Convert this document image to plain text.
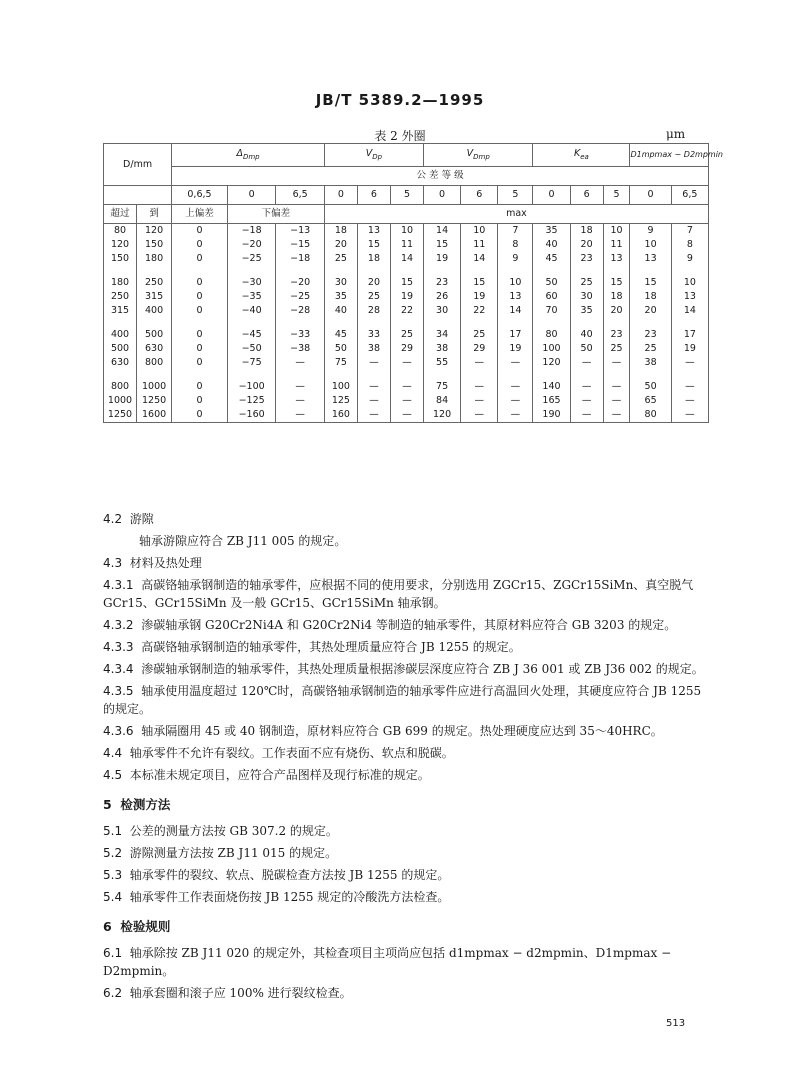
JB/T 5389.2—1995
表 2 外圈	μm
D/mm		$\Delta_{Dmp}$			$V_{Dp}$			$V_{Dmp}$			$K_{ea}$			D1mpmax − D2mpmin	
		公 差 等 级													
		0,6,5	0	6,5	0	6	5	0	6	5	0	6	5	0	6,5
超过	到	上偏差	下偏差		max										
80	120	0	−18	−13	18	13	10	14	10	7	35	18	10	9	7
120	150	0	−20	−15	20	15	11	15	11	8	40	20	11	10	8
150	180	0	−25	−18	25	18	14	19	14	9	45	23	13	13	9

180	250	0	−30	−20	30	20	15	23	15	10	50	25	15	15	10
250	315	0	−35	−25	35	25	19	26	19	13	60	30	18	18	13
315	400	0	−40	−28	40	28	22	30	22	14	70	35	20	20	14

400	500	0	−45	−33	45	33	25	34	25	17	80	40	23	23	17
500	630	0	−50	−38	50	38	29	38	29	19	100	50	25	25	19
630	800	0	−75	—	75	—	—	55	—	—	120	—	—	38	—

800	1000	0	−100	—	100	—	—	75	—	—	140	—	—	50	—
1000	1250	0	−125	—	125	—	—	84	—	—	165	—	—	65	—
1250	1600	0	−160	—	160	—	—	120	—	—	190	—	—	80	—
4.2 游隙
轴承游隙应符合 ZB J11 005 的规定。
4.3 材料及热处理
4.3.1 高碳铬轴承钢制造的轴承零件，应根据不同的使用要求，分别选用 ZGCr15、ZGCr15SiMn、真空脱气 GCr15、GCr15SiMn 及一般 GCr15、GCr15SiMn 轴承钢。
4.3.2 渗碳轴承钢 G20Cr2Ni4A 和 G20Cr2Ni4 等制造的轴承零件，其原材料应符合 GB 3203 的规定。
4.3.3 高碳铬轴承钢制造的轴承零件，其热处理质量应符合 JB 1255 的规定。
4.3.4 渗碳轴承钢制造的轴承零件，其热处理质量根据渗碳层深度应符合 ZB J 36 001 或 ZB J36 002 的规定。
4.3.5 轴承使用温度超过 120℃时，高碳铬轴承钢制造的轴承零件应进行高温回火处理，其硬度应符合 JB 1255 的规定。
4.3.6 轴承隔圈用 45 或 40 钢制造，原材料应符合 GB 699 的规定。热处理硬度应达到 35～40HRC。
4.4 轴承零件不允许有裂纹。工作表面不应有烧伤、软点和脱碳。
4.5 本标准未规定项目，应符合产品图样及现行标准的规定。
5 检测方法
5.1 公差的测量方法按 GB 307.2 的规定。
5.2 游隙测量方法按 ZB J11 015 的规定。
5.3 轴承零件的裂纹、软点、脱碳检查方法按 JB 1255 的规定。
5.4 轴承零件工作表面烧伤按 JB 1255 规定的冷酸洗方法检查。
6 检验规则
6.1 轴承除按 ZB J11 020 的规定外，其检查项目主项尚应包括 d1mpmax − d2mpmin、D1mpmax − D2mpmin。
6.2 轴承套圈和滚子应 100% 进行裂纹检查。
513
